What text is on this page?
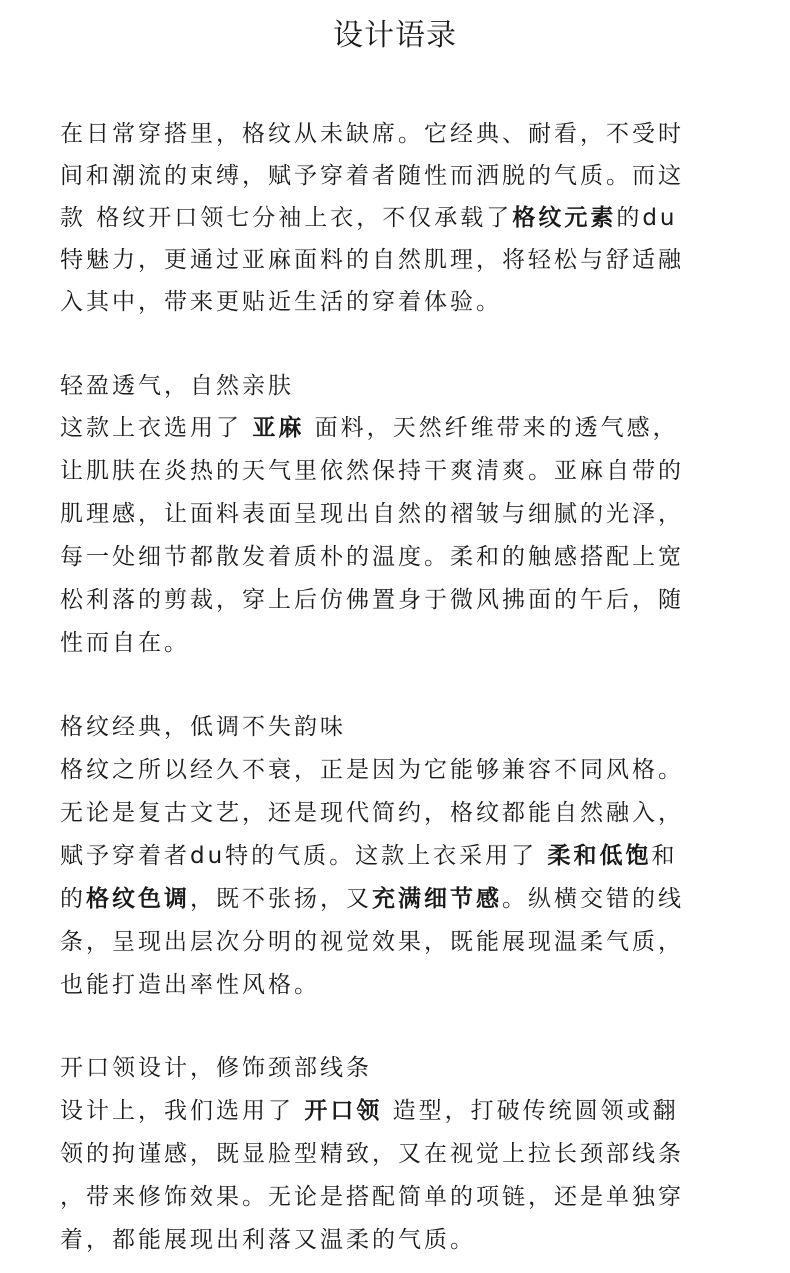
设计语录
在日常穿搭里，格纹从未缺席。它经典、耐看，不受时
间和潮流的束缚，赋予穿着者随性而洒脱的气质。而这
款 格纹开口领七分袖上衣，不仅承载了格纹元素的du
特魅力，更通过亚麻面料的自然肌理，将轻松与舒适融
入其中，带来更贴近生活的穿着体验。
轻盈透气，自然亲肤
这款上衣选用了 亚麻 面料，天然纤维带来的透气感，
让肌肤在炎热的天气里依然保持干爽清爽。亚麻自带的
肌理感，让面料表面呈现出自然的褶皱与细腻的光泽，
每一处细节都散发着质朴的温度。柔和的触感搭配上宽
松利落的剪裁，穿上后仿佛置身于微风拂面的午后，随
性而自在。
格纹经典，低调不失韵味
格纹之所以经久不衰，正是因为它能够兼容不同风格。
无论是复古文艺，还是现代简约，格纹都能自然融入，
赋予穿着者du特的气质。这款上衣采用了 柔和低饱和
的格纹色调，既不张扬，又充满细节感。纵横交错的线
条，呈现出层次分明的视觉效果，既能展现温柔气质，
也能打造出率性风格。
开口领设计，修饰颈部线条
设计上，我们选用了 开口领 造型，打破传统圆领或翻
领的拘谨感，既显脸型精致，又在视觉上拉长颈部线条
，带来修饰效果。无论是搭配简单的项链，还是单独穿
着，都能展现出利落又温柔的气质。
